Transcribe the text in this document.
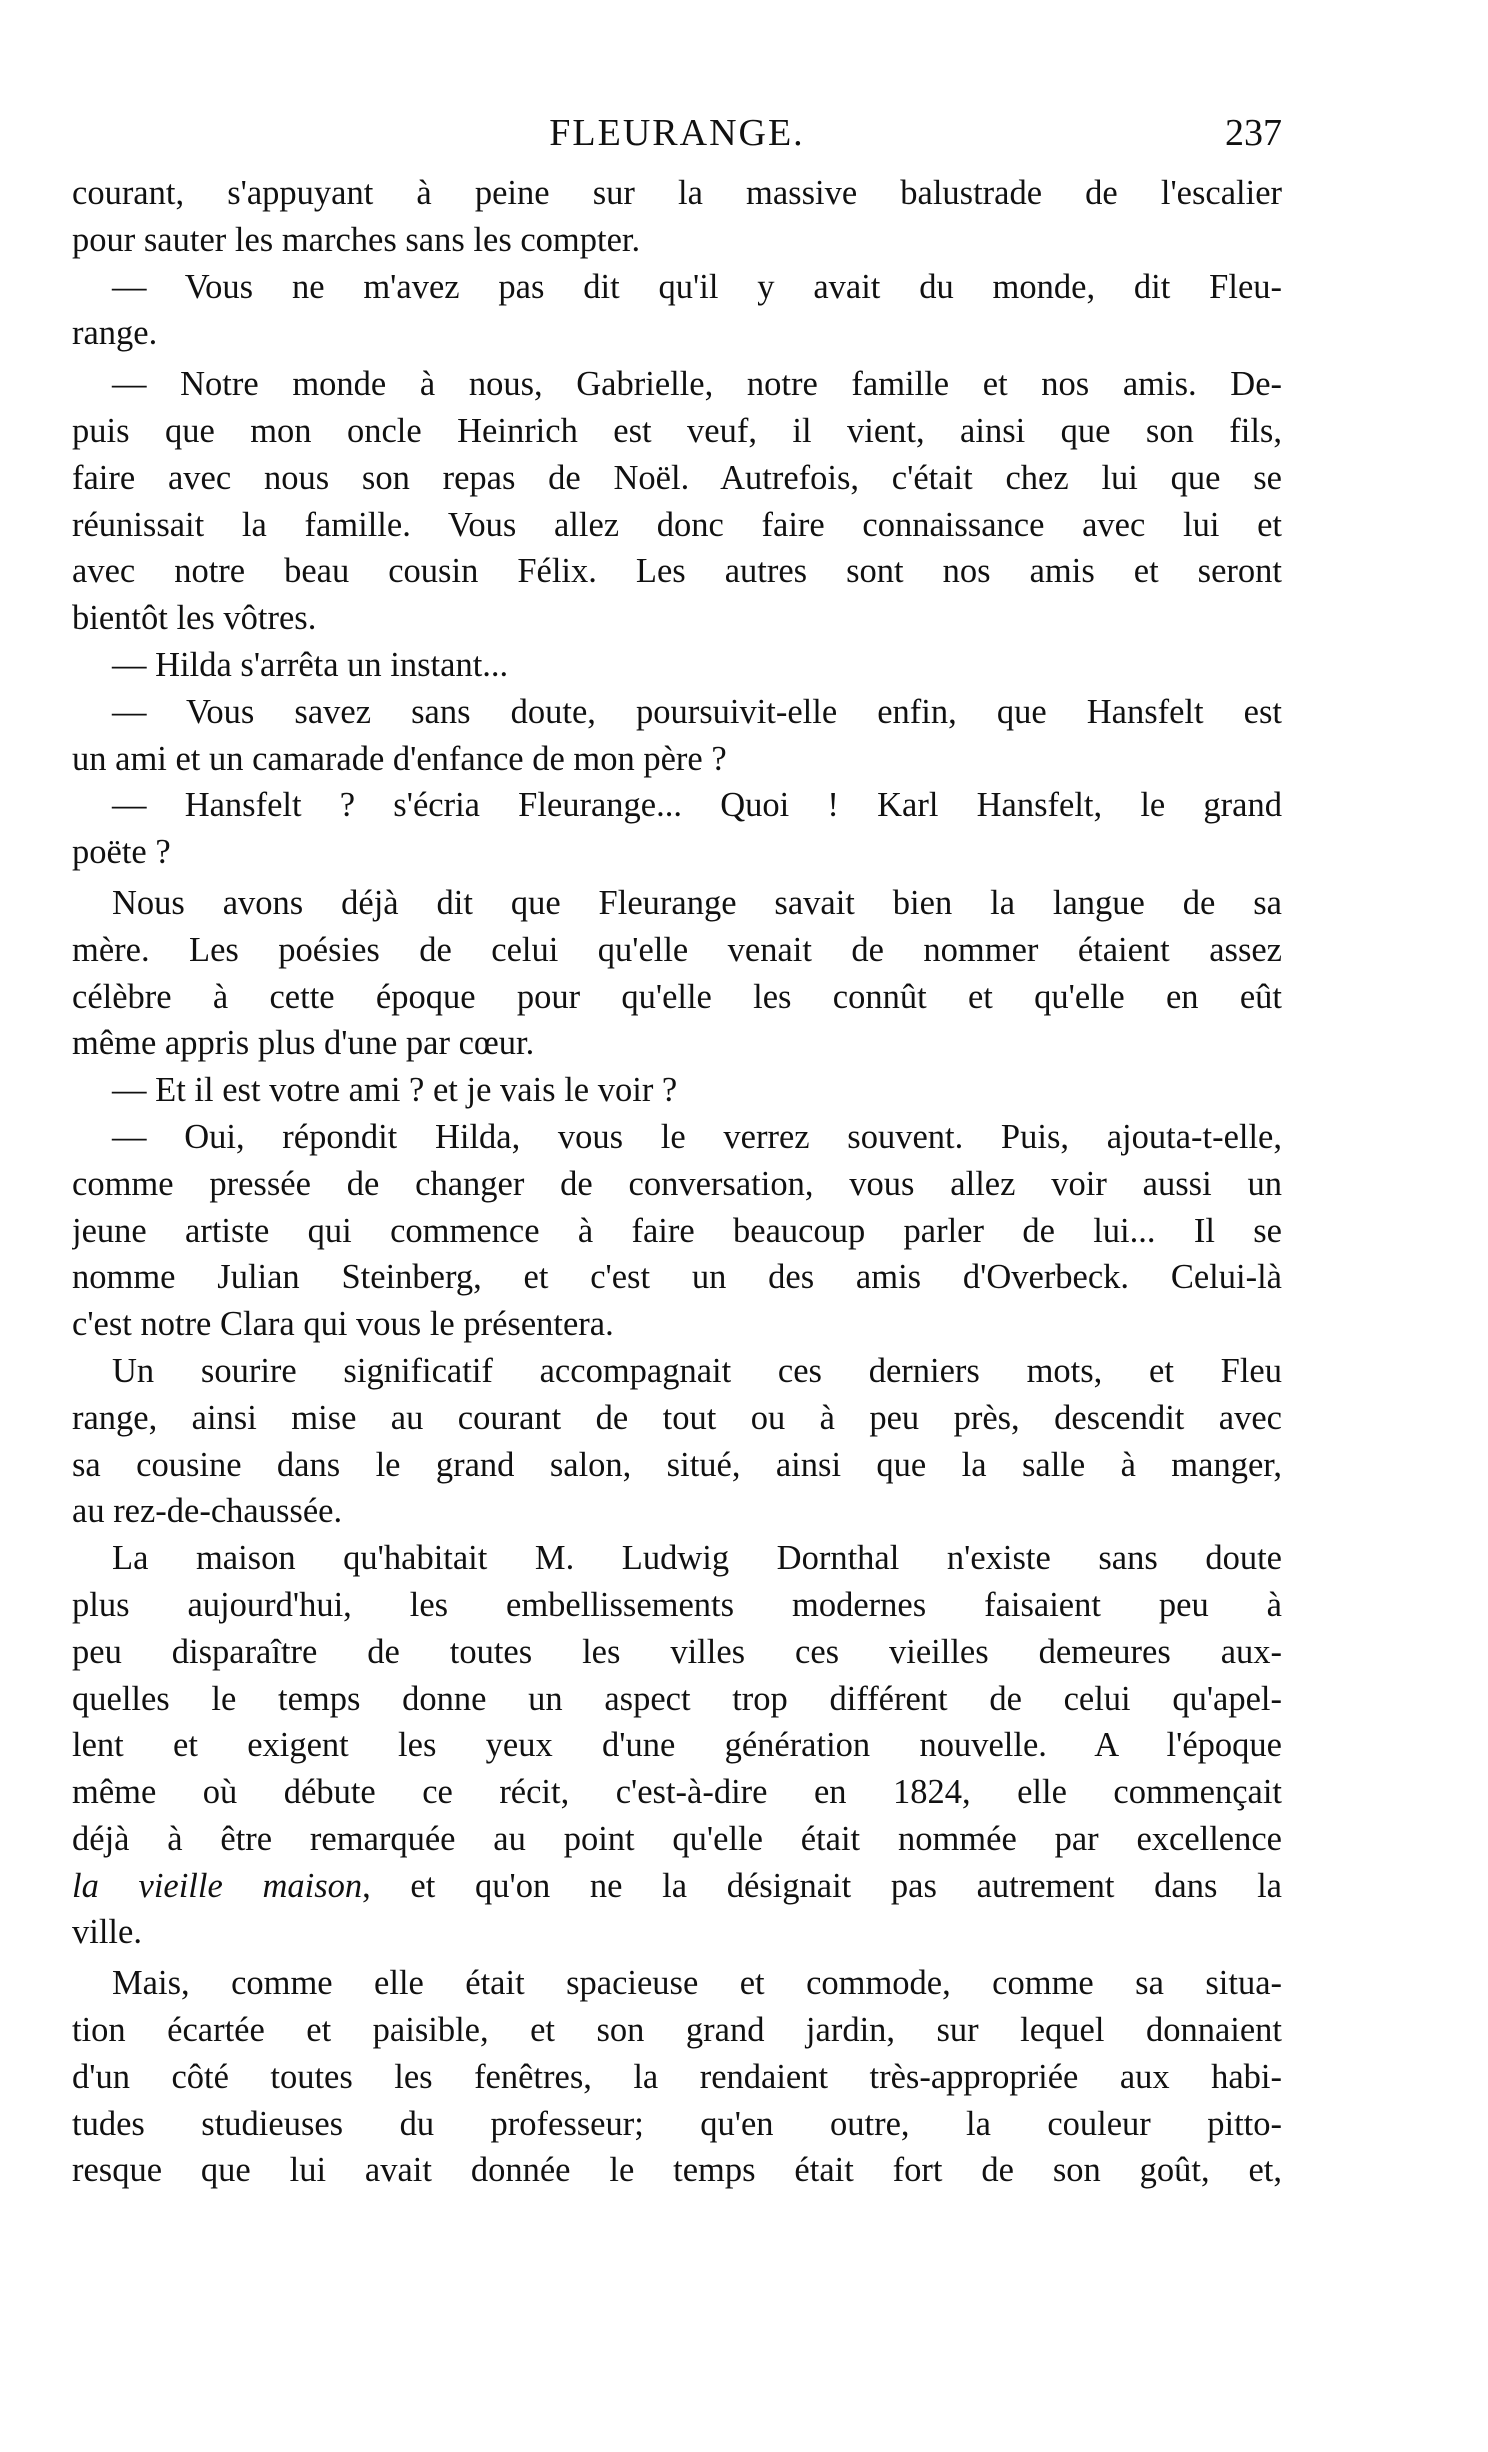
FLEURANGE.	237
courant, s'appuyant à peine sur la massive balustrade de l'escalier
pour sauter les marches sans les compter.
— Vous ne m'avez pas dit qu'il y avait du monde, dit Fleu-
range.
— Notre monde à nous, Gabrielle, notre famille et nos amis. De-
puis que mon oncle Heinrich est veuf, il vient, ainsi que son fils,
faire avec nous son repas de Noël. Autrefois, c'était chez lui que se
réunissait la famille. Vous allez donc faire connaissance avec lui et
avec notre beau cousin Félix. Les autres sont nos amis et seront
bientôt les vôtres.
— Hilda s'arrêta un instant...
— Vous savez sans doute, poursuivit-elle enfin, que Hansfelt est
un ami et un camarade d'enfance de mon père ?
— Hansfelt ? s'écria Fleurange... Quoi ! Karl Hansfelt, le grand
poëte ?
Nous avons déjà dit que Fleurange savait bien la langue de sa
mère. Les poésies de celui qu'elle venait de nommer étaient assez
célèbre à cette époque pour qu'elle les connût et qu'elle en eût
même appris plus d'une par cœur.
— Et il est votre ami ? et je vais le voir ?
— Oui, répondit Hilda, vous le verrez souvent. Puis, ajouta-t-elle,
comme pressée de changer de conversation, vous allez voir aussi un
jeune artiste qui commence à faire beaucoup parler de lui... Il se
nomme Julian Steinberg, et c'est un des amis d'Overbeck. Celui-là
c'est notre Clara qui vous le présentera.
Un sourire significatif accompagnait ces derniers mots, et Fleu
range, ainsi mise au courant de tout ou à peu près, descendit avec
sa cousine dans le grand salon, situé, ainsi que la salle à manger,
au rez-de-chaussée.
La maison qu'habitait M. Ludwig Dornthal n'existe sans doute
plus aujourd'hui, les embellissements modernes faisaient peu à
peu disparaître de toutes les villes ces vieilles demeures aux-
quelles le temps donne un aspect trop différent de celui qu'apel-
lent et exigent les yeux d'une génération nouvelle. A l'époque
même où débute ce récit, c'est-à-dire en 1824, elle commençait
déjà à être remarquée au point qu'elle était nommée par excellence
la vieille maison, et qu'on ne la désignait pas autrement dans la
ville.
Mais, comme elle était spacieuse et commode, comme sa situa-
tion écartée et paisible, et son grand jardin, sur lequel donnaient
d'un côté toutes les fenêtres, la rendaient très-appropriée aux habi-
tudes studieuses du professeur; qu'en outre, la couleur pitto-
resque que lui avait donnée le temps était fort de son goût, et,
